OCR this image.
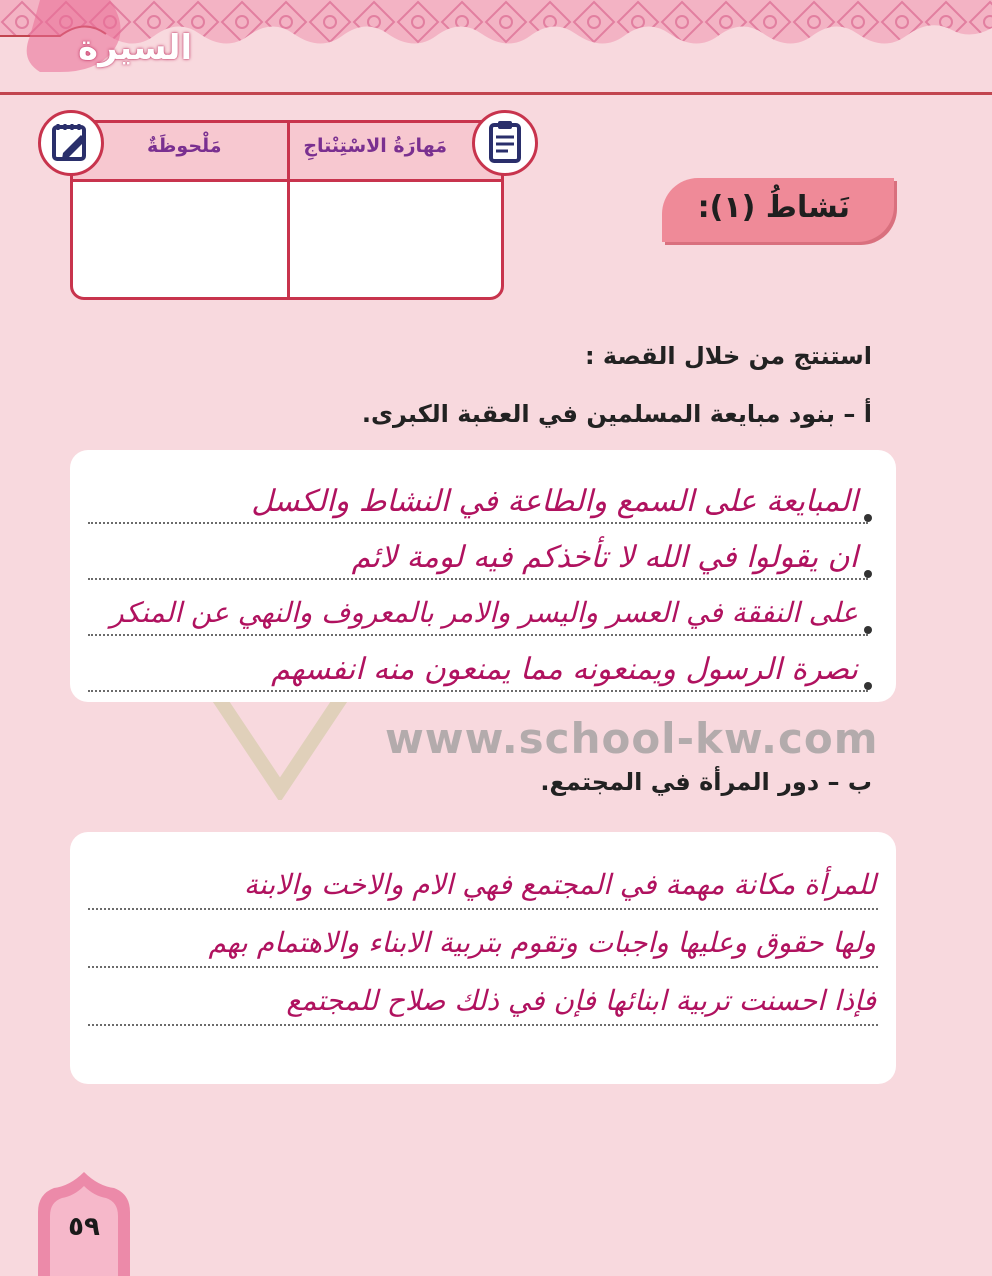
السيرة
مَهارَةُ الاسْتِنْتاجِ
مَلْحوظَةٌ
نَشاطُ (١):
استنتج من خلال القصة :
أ – بنود مبايعة المسلمين في العقبة الكبرى.
المبايعة على السمع والطاعة في النشاط والكسل
ان يقولوا في الله لا تأخذكم فيه لومة لائم
على النفقة في العسر واليسر والامر بالمعروف والنهي عن المنكر
نصرة الرسول ويمنعونه مما يمنعون منه انفسهم
www.school-kw.com
ب – دور المرأة في المجتمع.
للمرأة مكانة مهمة في المجتمع فهي الام والاخت والابنة
ولها حقوق وعليها واجبات وتقوم بتربية الابناء والاهتمام بهم
فإذا احسنت تربية ابنائها فإن في ذلك صلاح للمجتمع
٥٩
